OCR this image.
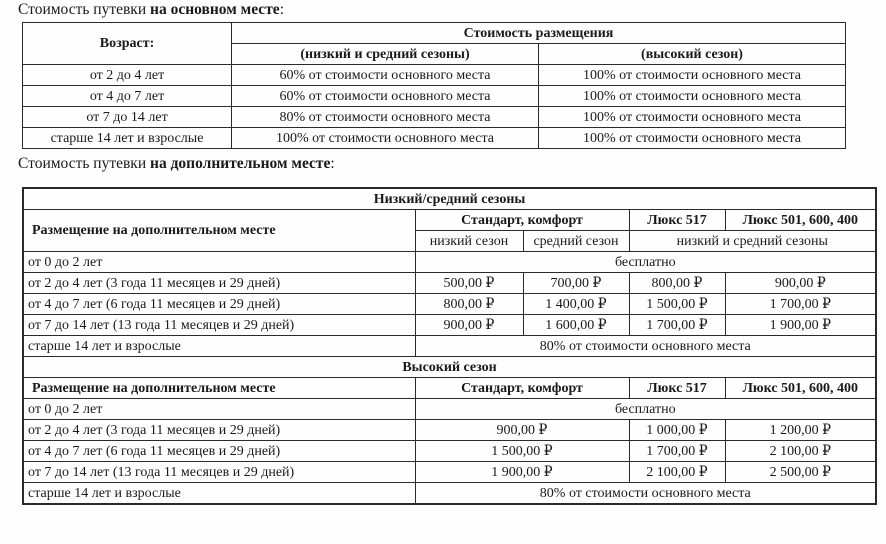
Стоимость путевки на основном месте:
Возраст:	Стоимость размещения	
	(низкий и средний сезоны)	(высокий сезон)
от 2 до 4 лет	60% от стоимости основного места	100% от стоимости основного места
от 4 до 7 лет	60% от стоимости основного места	100% от стоимости основного места
от 7 до 14 лет	80% от стоимости основного места	100% от стоимости основного места
старше 14 лет и взрослые	100% от стоимости основного места	100% от стоимости основного места
Стоимость путевки на дополнительном месте:
Низкий/средний сезоны				
Размещение на дополнительном месте	Стандарт, комфорт		Люкс 517	Люкс 501, 600, 400
	низкий сезон	средний сезон	низкий и средний сезоны	
от 0 до 2 лет	бесплатно			
от 2 до 4 лет (3 года 11 месяцев и 29 дней)	500,00 ₽	700,00 ₽	800,00 ₽	900,00 ₽
от 4 до 7 лет (6 года 11 месяцев и 29 дней)	800,00 ₽	1 400,00 ₽	1 500,00 ₽	1 700,00 ₽
от 7 до 14 лет (13 года 11 месяцев и 29 дней)	900,00 ₽	1 600,00 ₽	1 700,00 ₽	1 900,00 ₽
старше 14 лет и взрослые	80% от стоимости основного места			
Высокий сезон				
Размещение на дополнительном месте	Стандарт, комфорт		Люкс 517	Люкс 501, 600, 400
от 0 до 2 лет	бесплатно			
от 2 до 4 лет (3 года 11 месяцев и 29 дней)	900,00 ₽		1 000,00 ₽	1 200,00 ₽
от 4 до 7 лет (6 года 11 месяцев и 29 дней)	1 500,00 ₽		1 700,00 ₽	2 100,00 ₽
от 7 до 14 лет (13 года 11 месяцев и 29 дней)	1 900,00 ₽		2 100,00 ₽	2 500,00 ₽
старше 14 лет и взрослые	80% от стоимости основного места			
